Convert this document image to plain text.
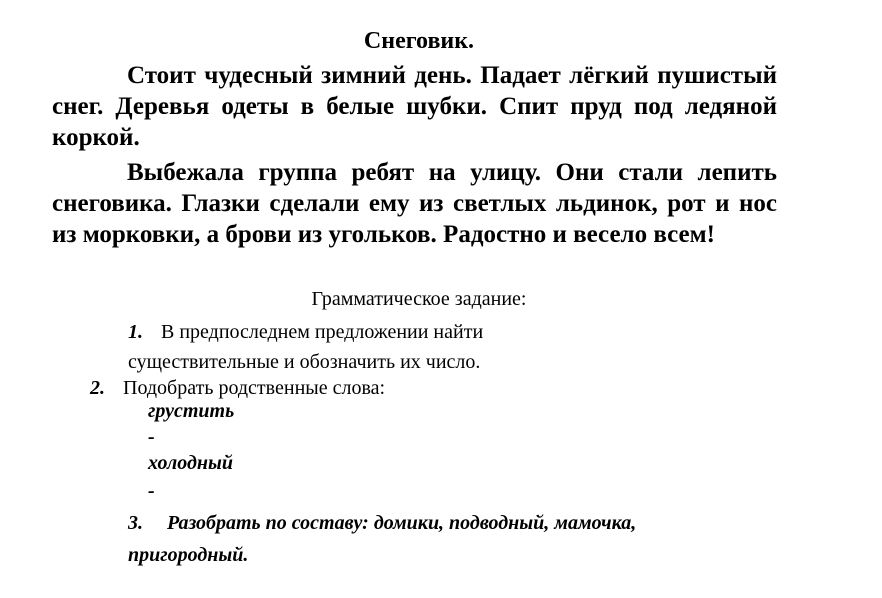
Снеговик.

Стоит чудесный зимний день. Падает лёгкий пушистый снег. Деревья одеты в белые шубки. Спит пруд под ледяной коркой.

Выбежала группа ребят на улицу. Они стали лепить снеговика. Глазки сделали ему из светлых льдинок, рот и нос из морковки, а брови из угольков. Радостно и весело всем!

Грамматическое задание:
1. В предпоследнем предложении найти существительные и обозначить их число.
2. Подобрать родственные слова:
грустить
-
холодный
-
3. Разобрать по составу: домики, подводный, мамочка, пригородный.
